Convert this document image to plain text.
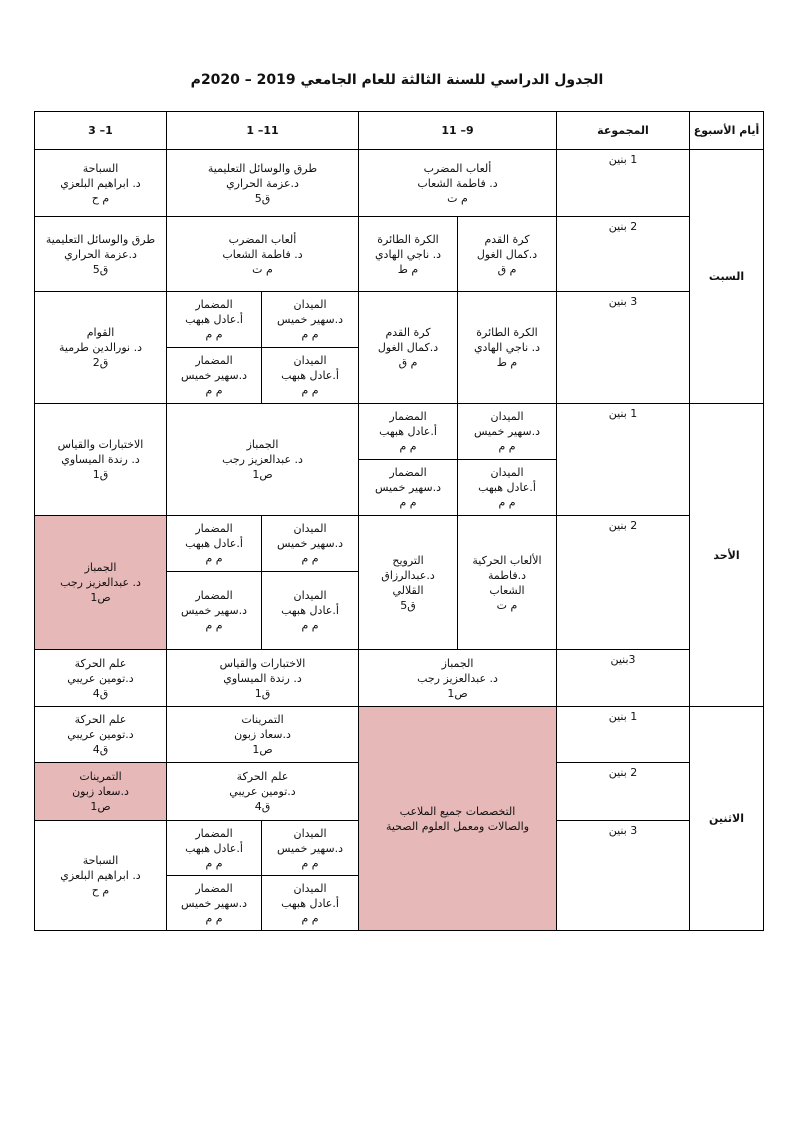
الجدول الدراسي للسنة الثالثة للعام الجامعي 2019 – 2020م
أيام الأسبوع	المجموعة	9– 11		11– 1		1– 3
السبت	1 بنين	ألعاب المضرب
د. فاطمة الشعاب
م ت		طرق والوسائل التعليمية
د.عزمة الحراري
ق5		السباحة
د. ابراهيم البلعزي
م ح

	2 بنين	كرة القدم
د.كمال الغول
م ق	الكرة الطائرة
د. ناجي الهادي
م ط	ألعاب المضرب
د. فاطمة الشعاب
م ت		طرق والوسائل التعليمية
د.عزمة الحراري
ق5

	3 بنين	الكرة الطائرة
د. ناجي الهادي
م ط	كرة القدم
د.كمال الغول
م ق	الميدان
د.سهير خميس
م م	المضمار
أ.عادل هبهب
م م	القوام
د. نورالدين طرمية
ق2

				الميدان
أ.عادل هبهب
م م	المضمار
د.سهير خميس
م م	

الأحد	1 بنين	الميدان
د.سهير خميس
م م	المضمار
أ.عادل هبهب
م م	الجمباز
د. عبدالعزيز رجب
ص1		الاختبارات والقياس
د. رندة الميساوي
ق1

		الميدان
أ.عادل هبهب
م م	المضمار
د.سهير خميس
م م			

	2 بنين	الألعاب الحركية
د.فاطمة
الشعاب
م ت	الترويح
د.عبدالرزاق
القلالي
ق5	الميدان
د.سهير خميس
م م	المضمار
أ.عادل هبهب
م م	الجمباز
د. عبدالعزيز رجب
ص1

				الميدان
أ.عادل هبهب
م م	المضمار
د.سهير خميس
م م	

	3بنين	الجمباز
د. عبدالعزيز رجب
ص1		الاختبارات والقياس
د. رندة الميساوي
ق1		علم الحركة
د.تومين عريبي
ق4

الاثنين	1 بنين	التخصصات جميع الملاعب
والصالات ومعمل العلوم الصحية		التمرينات
د.سعاد زبون
ص1		علم الحركة
د.تومين عريبي
ق4

	2 بنين			علم الحركة
د.تومين عريبي
ق4		التمرينات
د.سعاد زبون
ص1

	3 بنين			الميدان
د.سهير خميس
م م	المضمار
أ.عادل هبهب
م م	السباحة
د. ابراهيم البلعزي
م ح

				الميدان
أ.عادل هبهب
م م	المضمار
د.سهير خميس
م م	
